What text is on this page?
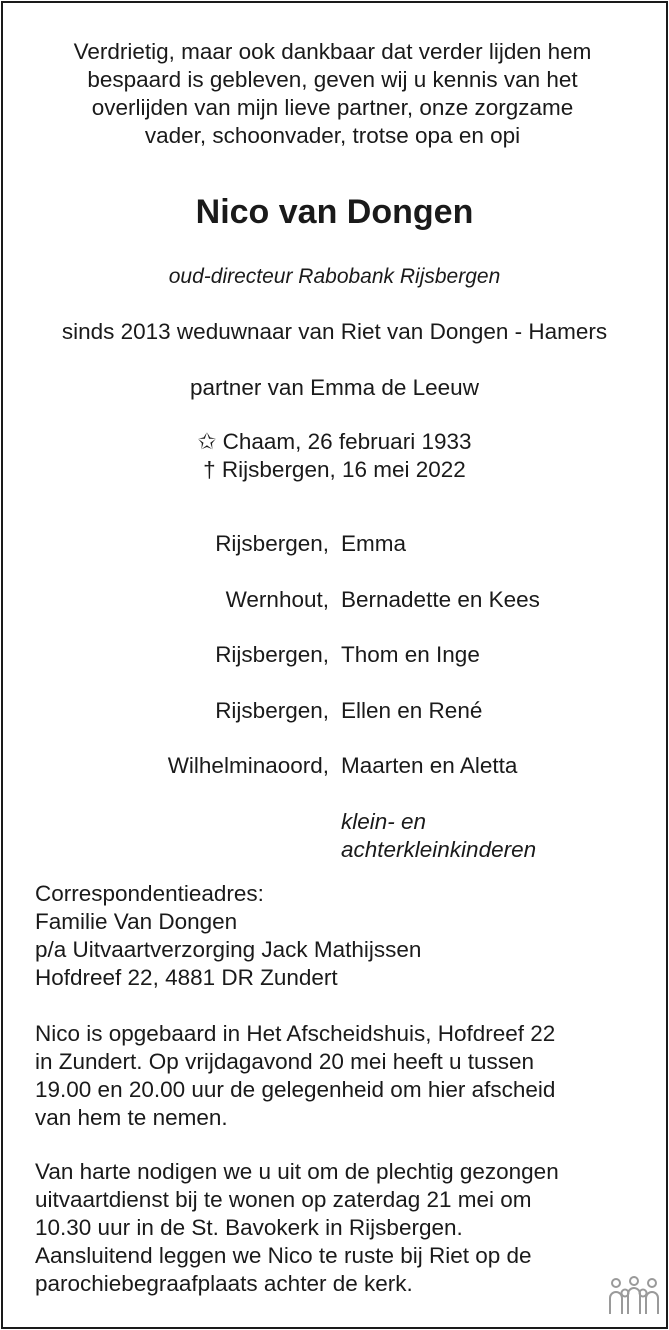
Verdrietig, maar ook dankbaar dat verder lijden hem
bespaard is gebleven, geven wij u kennis van het
overlijden van mijn lieve partner, onze zorgzame
vader, schoonvader, trotse opa en opi
Nico van Dongen
oud-directeur Rabobank Rijsbergen
sinds 2013 weduwnaar van Riet van Dongen - Hamers
partner van Emma de Leeuw
✩ Chaam, 26 februari 1933
† Rijsbergen, 16 mei 2022
Rijsbergen, Emma
Wernhout, Bernadette en Kees
Rijsbergen, Thom en Inge
Rijsbergen, Ellen en René
Wilhelminaoord, Maarten en Aletta
klein- en
achterkleinkinderen
Correspondentieadres:
Familie Van Dongen
p/a Uitvaartverzorging Jack Mathijssen
Hofdreef 22, 4881 DR Zundert
Nico is opgebaard in Het Afscheidshuis, Hofdreef 22
in Zundert. Op vrijdagavond 20 mei heeft u tussen
19.00 en 20.00 uur de gelegenheid om hier afscheid
van hem te nemen.
Van harte nodigen we u uit om de plechtig gezongen
uitvaartdienst bij te wonen op zaterdag 21 mei om
10.30 uur in de St. Bavokerk in Rijsbergen.
Aansluitend leggen we Nico te ruste bij Riet op de
parochiebegraafplaats achter de kerk.
